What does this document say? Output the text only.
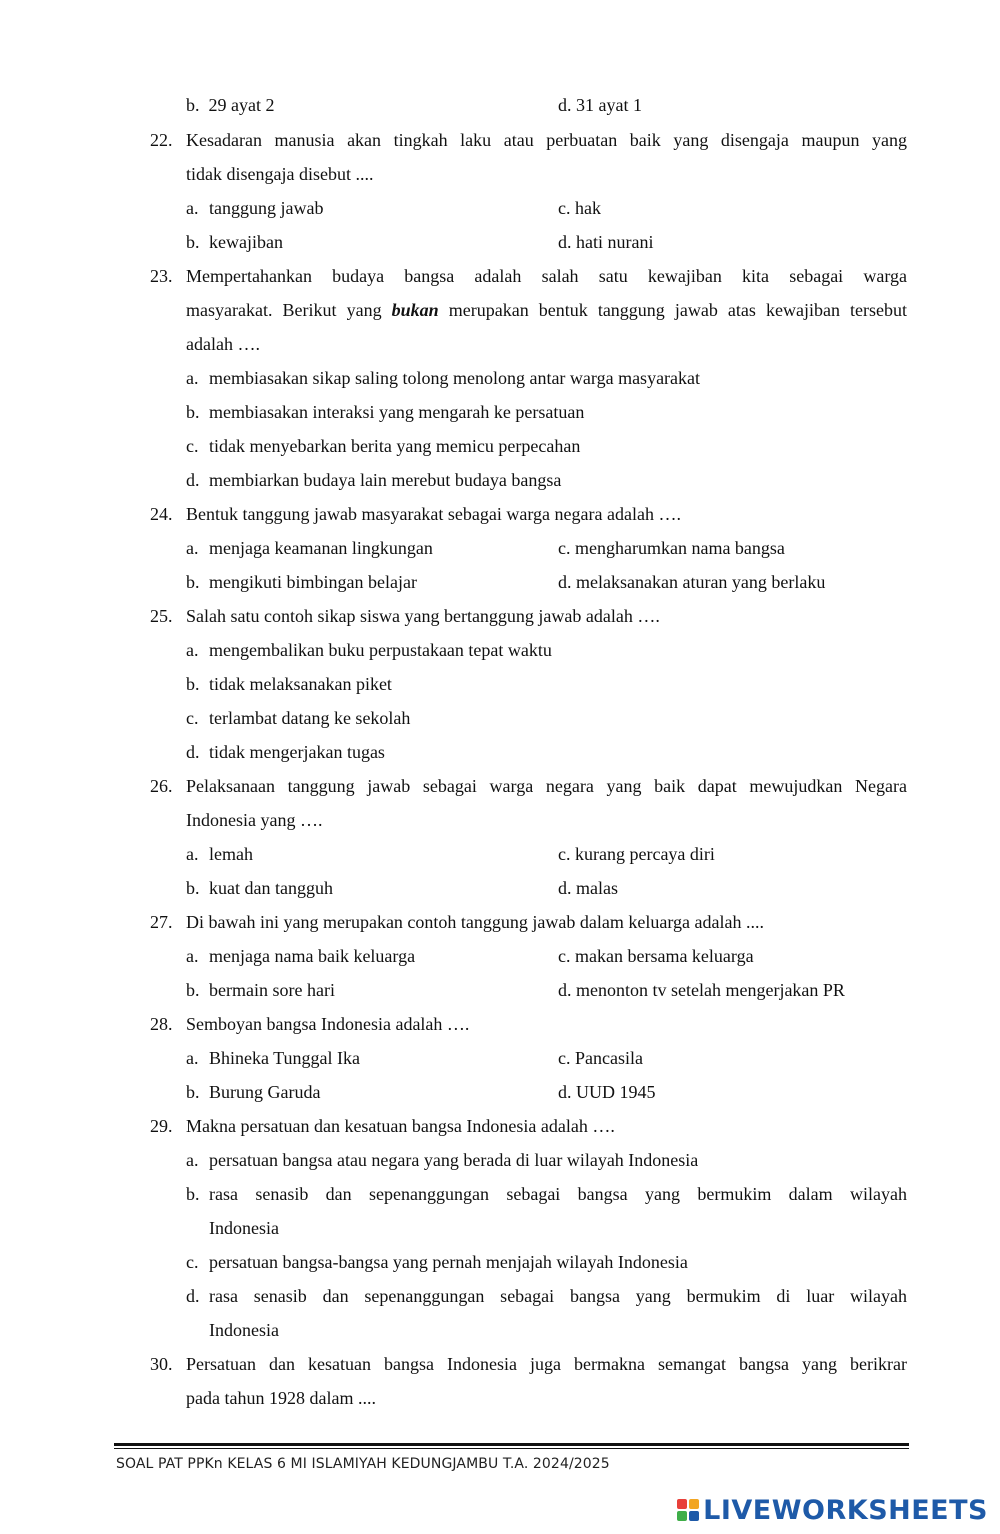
b. 29 ayat 2	d. 31 ayat 1
22. Kesadaran manusia akan tingkah laku atau perbuatan baik yang disengaja maupun yang
tidak disengaja disebut ....
a. tanggung jawab	c. hak
b. kewajiban	d. hati nurani
23. Mempertahankan budaya bangsa adalah salah satu kewajiban kita sebagai warga
masyarakat. Berikut yang bukan merupakan bentuk tanggung jawab atas kewajiban tersebut
adalah ….
a. membiasakan sikap saling tolong menolong antar warga masyarakat
b. membiasakan interaksi yang mengarah ke persatuan
c. tidak menyebarkan berita yang memicu perpecahan
d. membiarkan budaya lain merebut budaya bangsa
24. Bentuk tanggung jawab masyarakat sebagai warga negara adalah ….
a. menjaga keamanan lingkungan	c. mengharumkan nama bangsa
b. mengikuti bimbingan belajar	d. melaksanakan aturan yang berlaku
25. Salah satu contoh sikap siswa yang bertanggung jawab adalah ….
a. mengembalikan buku perpustakaan tepat waktu
b. tidak melaksanakan piket
c. terlambat datang ke sekolah
d. tidak mengerjakan tugas
26. Pelaksanaan tanggung jawab sebagai warga negara yang baik dapat mewujudkan Negara
Indonesia yang ….
a. lemah	c. kurang percaya diri
b. kuat dan tangguh	d. malas
27. Di bawah ini yang merupakan contoh tanggung jawab dalam keluarga adalah ....
a. menjaga nama baik keluarga	c. makan bersama keluarga
b. bermain sore hari	d. menonton tv setelah mengerjakan PR
28. Semboyan bangsa Indonesia adalah ….
a. Bhineka Tunggal Ika	c. Pancasila
b. Burung Garuda	d. UUD 1945
29. Makna persatuan dan kesatuan bangsa Indonesia adalah ….
a. persatuan bangsa atau negara yang berada di luar wilayah Indonesia
b. rasa senasib dan sepenanggungan sebagai bangsa yang bermukim dalam wilayah
Indonesia
c. persatuan bangsa-bangsa yang pernah menjajah wilayah Indonesia
d. rasa senasib dan sepenanggungan sebagai bangsa yang bermukim di luar wilayah
Indonesia
30. Persatuan dan kesatuan bangsa Indonesia juga bermakna semangat bangsa yang berikrar
pada tahun 1928 dalam ....
SOAL PAT PPKn KELAS 6 MI ISLAMIYAH KEDUNGJAMBU T.A. 2024/2025
LIVEWORKSHEETS
